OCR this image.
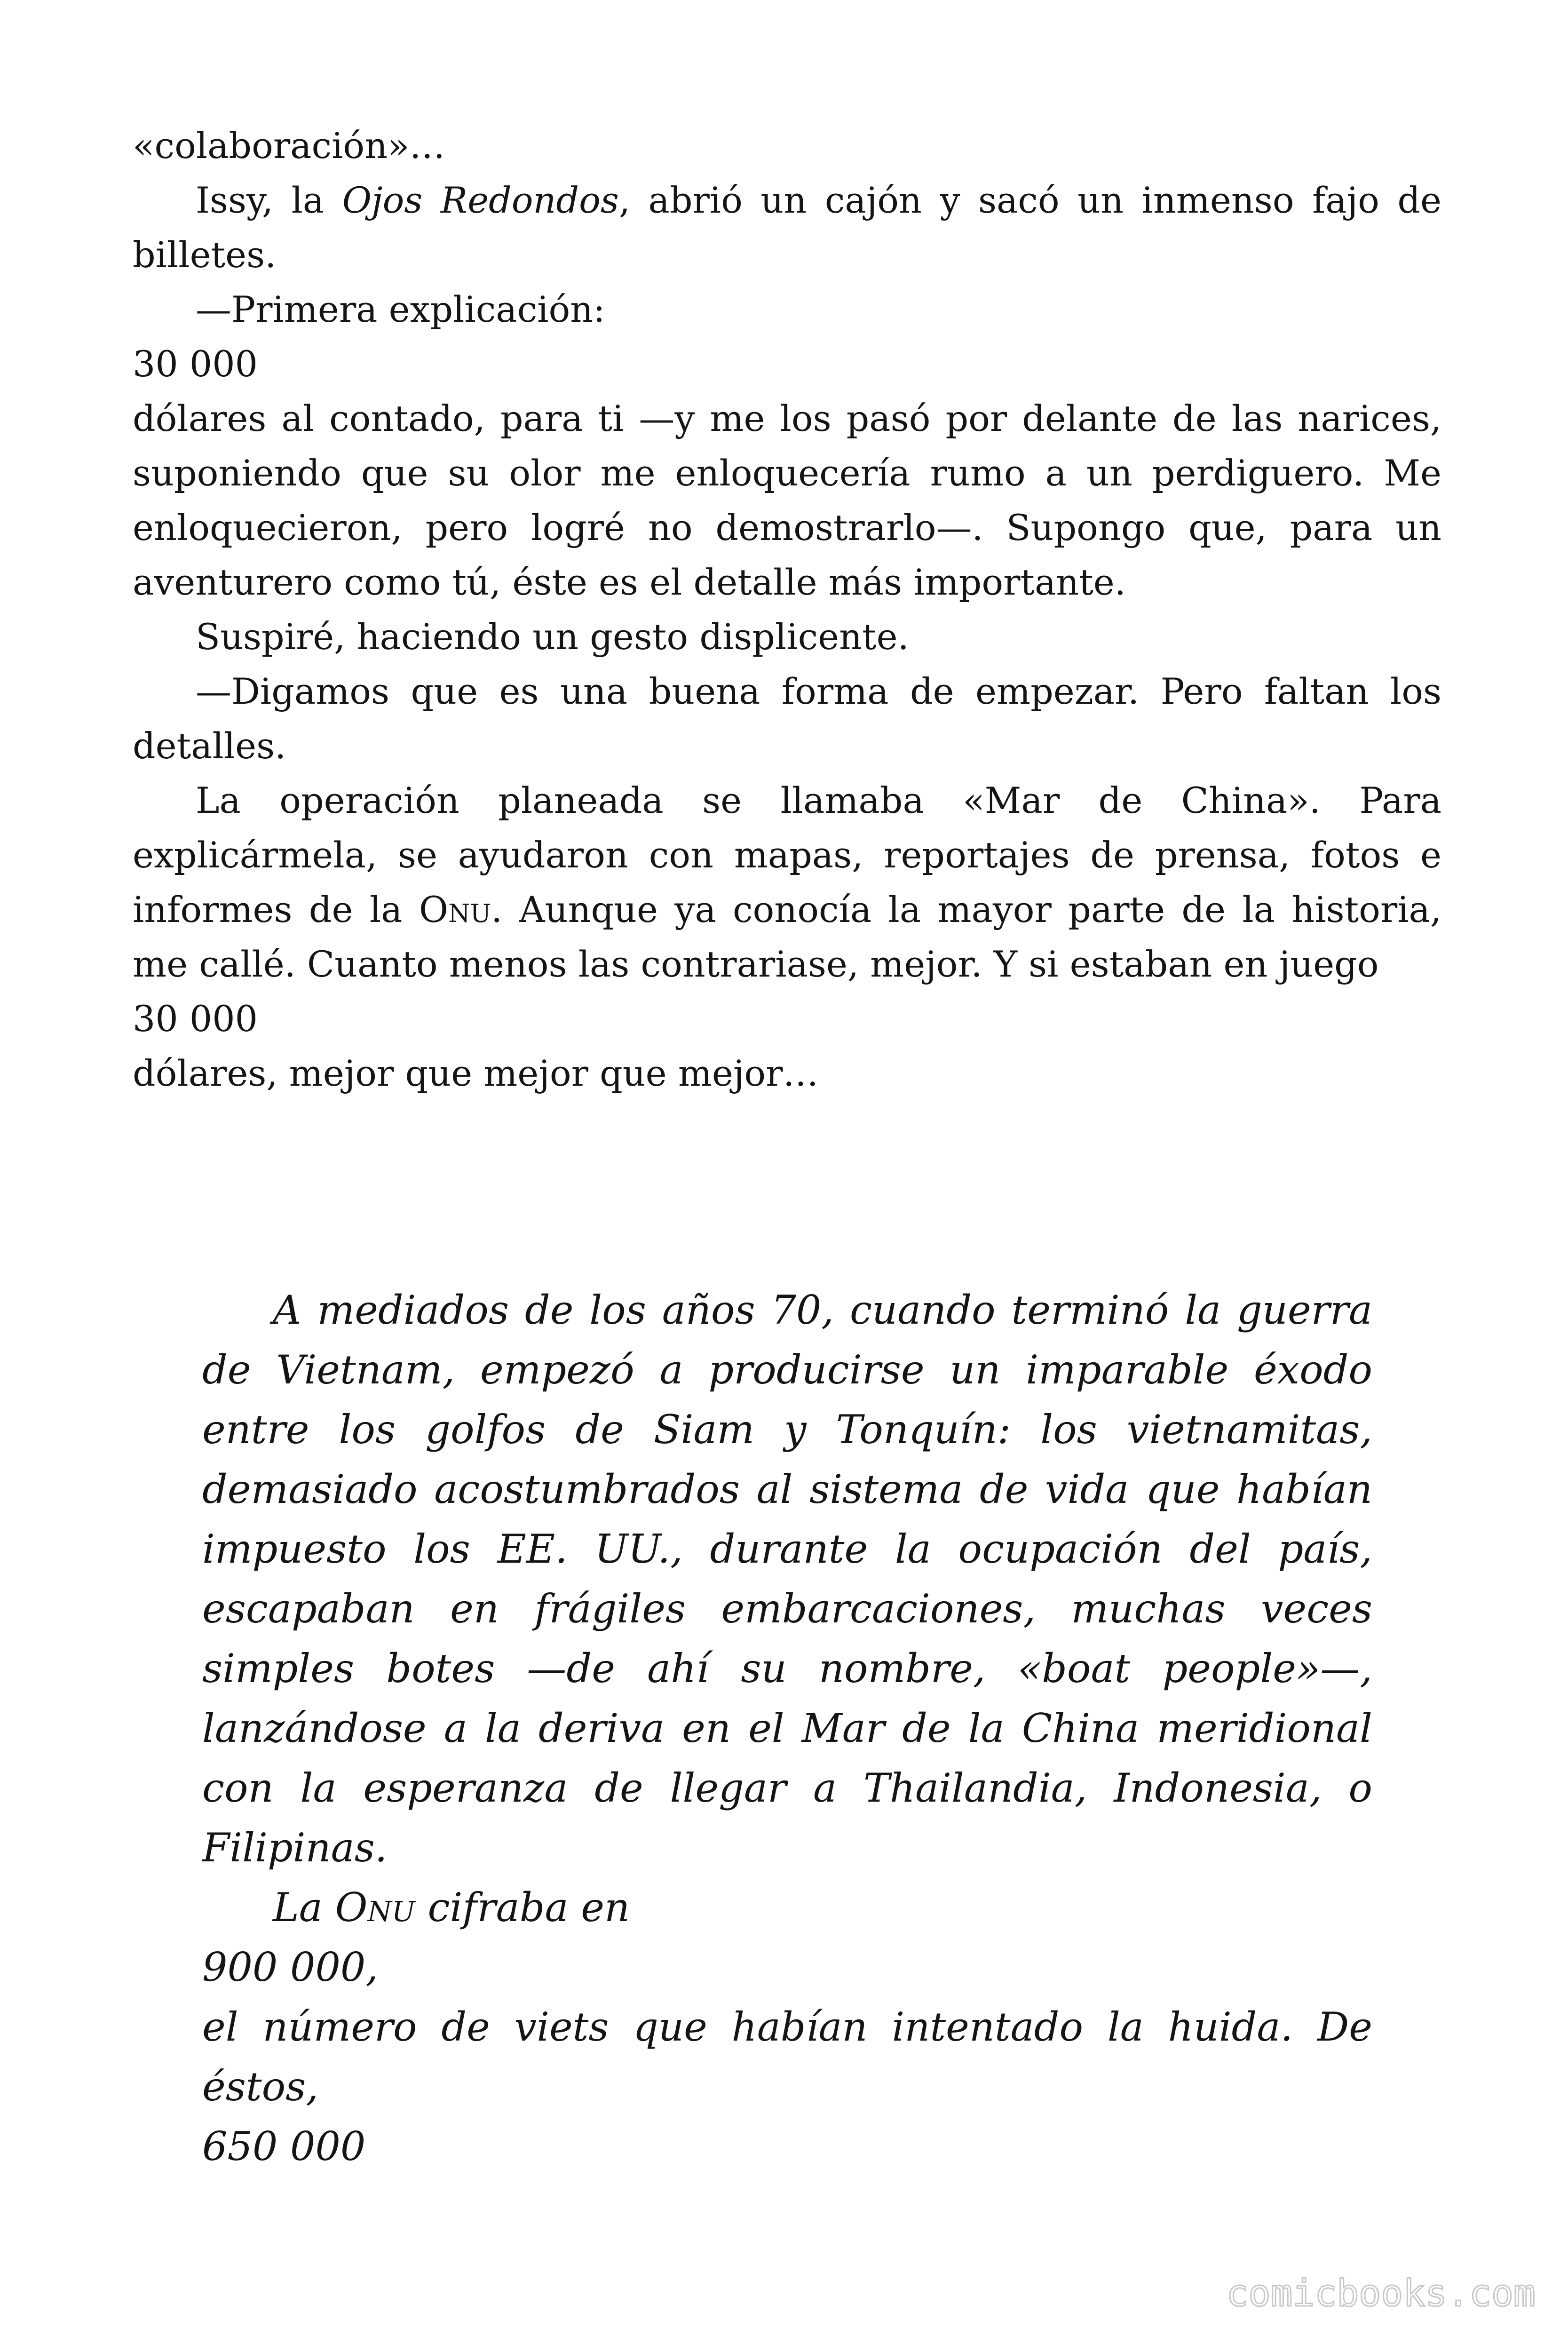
«colaboración»…

Issy, la Ojos Redondos, abrió un cajón y sacó un inmenso fajo de billetes.

—Primera explicación:

30 000

dólares al contado, para ti —y me los pasó por delante de las narices, suponiendo que su olor me enloquecería rumo a un perdiguero. Me enloquecieron, pero logré no demostrarlo—. Supongo que, para un aventurero como tú, éste es el detalle más importante.

Suspiré, haciendo un gesto displicente.

—Digamos que es una buena forma de empezar. Pero faltan los detalles.

La operación planeada se llamaba «Mar de China». Para explicármela, se ayudaron con mapas, reportajes de prensa, fotos e informes de la Onu. Aunque ya conocía la mayor parte de la historia, me callé. Cuanto menos las contrariase, mejor. Y si estaban en juego

30 000

dólares, mejor que mejor que mejor…

A mediados de los años 70, cuando terminó la guerra de Vietnam, empezó a producirse un imparable éxodo entre los golfos de Siam y Tonquín: los vietnamitas, demasiado acostumbrados al sistema de vida que habían impuesto los EE. UU., durante la ocupación del país, escapaban en frágiles embarcaciones, muchas veces simples botes —de ahí su nombre, «boat people»—, lanzándose a la deriva en el Mar de la China meridional con la esperanza de llegar a Thailandia, Indonesia, o Filipinas.

La Onu cifraba en

900 000,

el número de viets que habían intentado la huida. De éstos,

650 000

comicbooks.com
